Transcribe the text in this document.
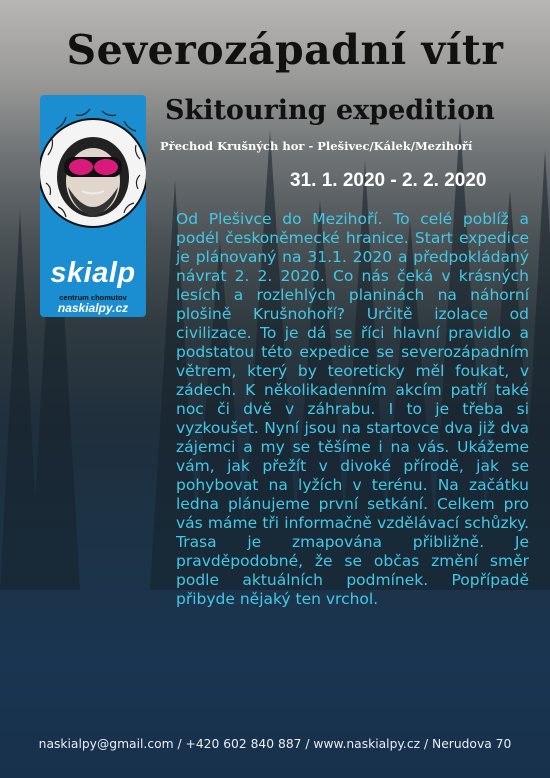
Severozápadní vítr
Skitouring expedition
Přechod Krušných hor - Plešivec/Kálek/Mezihoří
31. 1. 2020 - 2. 2. 2020
skialp
centrum chomutov
naskialpy.cz
Od Plešivce do Mezihoří. To celé poblíž a podél českoněmecké hranice. Start expedice je plánovaný na 31.1. 2020 a předpokládaný návrat 2. 2. 2020. Co nás čeká v krásných lesích a rozlehlých planinách na náhorní plošině Krušnohoří? Určitě izolace od civilizace. To je dá se říci hlavní pravidlo a podstatou této expedice se severozápadním větrem, který by teoreticky měl foukat, v zádech. K několikadenním akcím patří také noc či dvě v záhrabu. I to je třeba si vyzkoušet. Nyní jsou na startovce dva již dva zájemci a my se těšíme i na vás. Ukážeme vám, jak přežít v divoké přírodě, jak se pohybovat na lyžích v terénu. Na začátku ledna plánujeme první setkání. Celkem pro vás máme tři informačně vzdělávací schůzky. Trasa je zmapována přibližně. Je pravděpodobné, že se občas změní směr podle aktuálních podmínek. Popřípadě přibyde nějaký ten vrchol.
naskialpy@gmail.com / +420 602 840 887 / www.naskialpy.cz / Nerudova 70
